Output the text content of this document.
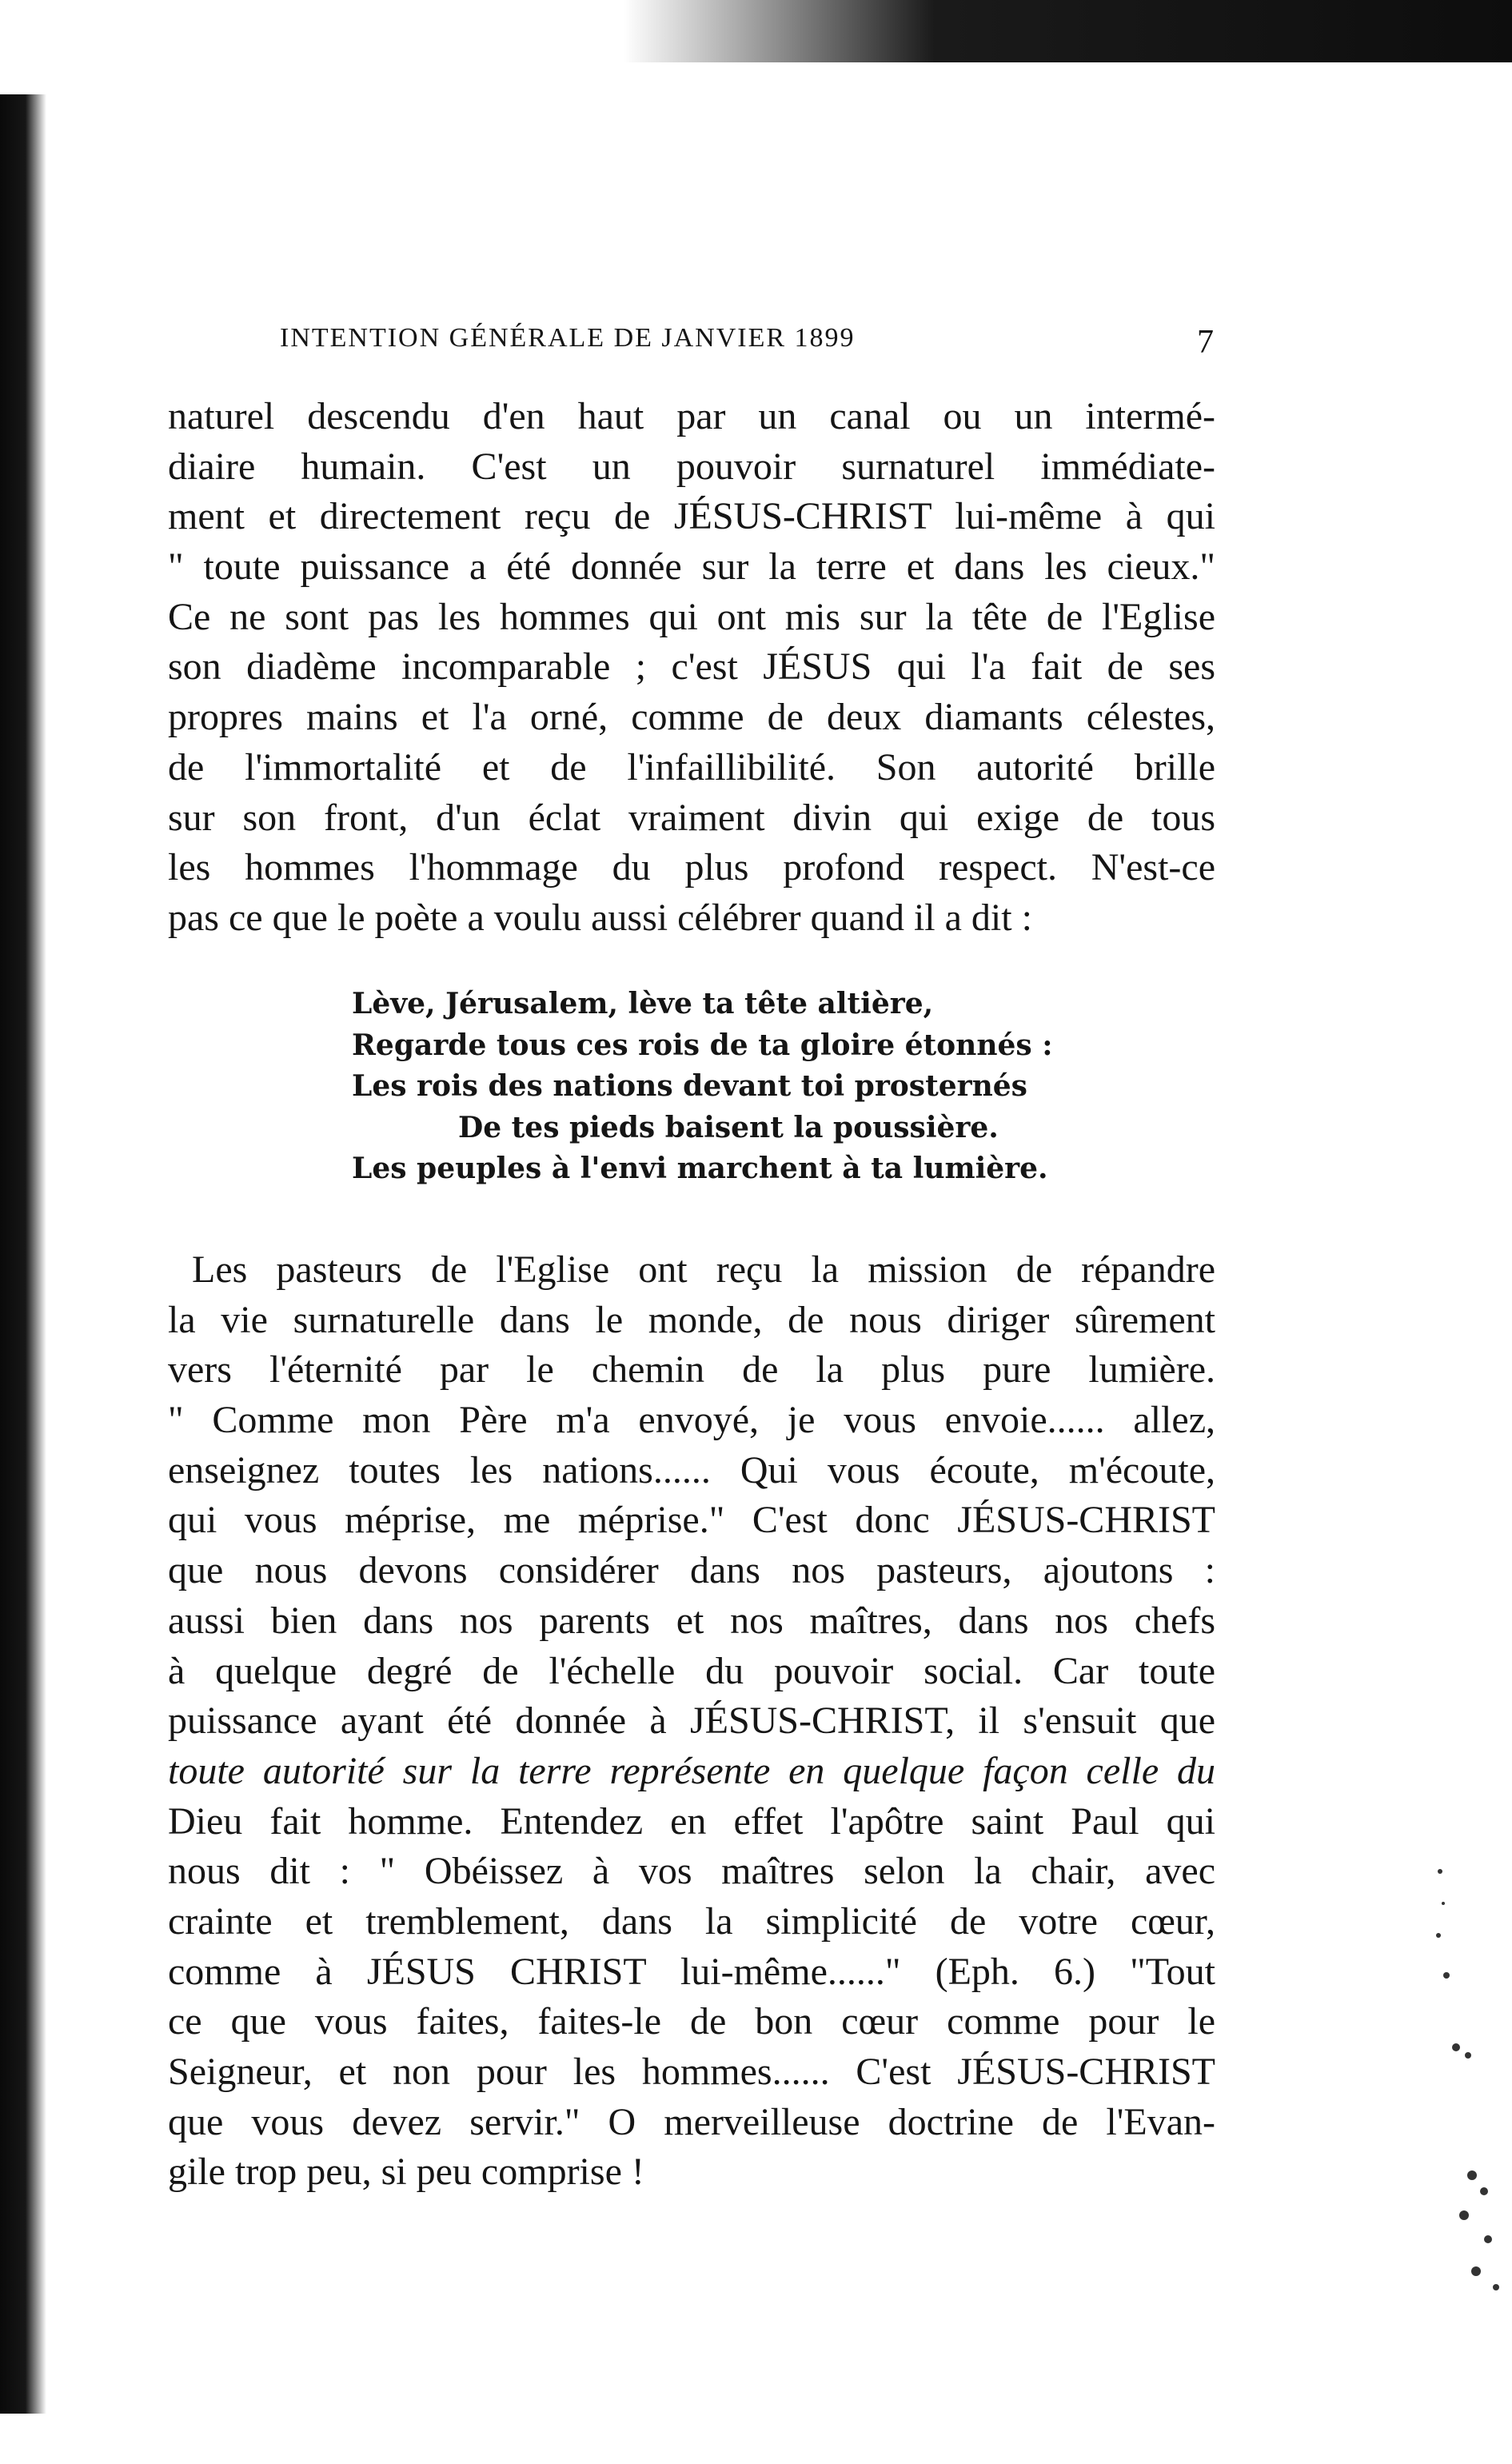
INTENTION GÉNÉRALE DE JANVIER 1899	7
naturel descendu d'en haut par un canal ou un intermé-
diaire humain. C'est un pouvoir surnaturel immédiate-
ment et directement reçu de JÉSUS-CHRIST lui-même à qui
" toute puissance a été donnée sur la terre et dans les cieux."
Ce ne sont pas les hommes qui ont mis sur la tête de l'Eglise
son diadème incomparable ; c'est JÉSUS qui l'a fait de ses
propres mains et l'a orné, comme de deux diamants célestes,
de l'immortalité et de l'infaillibilité. Son autorité brille
sur son front, d'un éclat vraiment divin qui exige de tous
les hommes l'hommage du plus profond respect. N'est-ce
pas ce que le poète a voulu aussi célébrer quand il a dit :
Lève, Jérusalem, lève ta tête altière,
Regarde tous ces rois de ta gloire étonnés :
Les rois des nations devant toi prosternés
De tes pieds baisent la poussière.
Les peuples à l'envi marchent à ta lumière.
Les pasteurs de l'Eglise ont reçu la mission de répandre
la vie surnaturelle dans le monde, de nous diriger sûrement
vers l'éternité par le chemin de la plus pure lumière.
" Comme mon Père m'a envoyé, je vous envoie...... allez,
enseignez toutes les nations...... Qui vous écoute, m'écoute,
qui vous méprise, me méprise." C'est donc JÉSUS-CHRIST
que nous devons considérer dans nos pasteurs, ajoutons :
aussi bien dans nos parents et nos maîtres, dans nos chefs
à quelque degré de l'échelle du pouvoir social. Car toute
puissance ayant été donnée à JÉSUS-CHRIST, il s'ensuit que
toute autorité sur la terre représente en quelque façon celle du
Dieu fait homme. Entendez en effet l'apôtre saint Paul qui
nous dit : " Obéissez à vos maîtres selon la chair, avec
crainte et tremblement, dans la simplicité de votre cœur,
comme à JÉSUS CHRIST lui-même......" (Eph. 6.) "Tout
ce que vous faites, faites-le de bon cœur comme pour le
Seigneur, et non pour les hommes...... C'est JÉSUS-CHRIST
que vous devez servir." O merveilleuse doctrine de l'Evan-
gile trop peu, si peu comprise !
